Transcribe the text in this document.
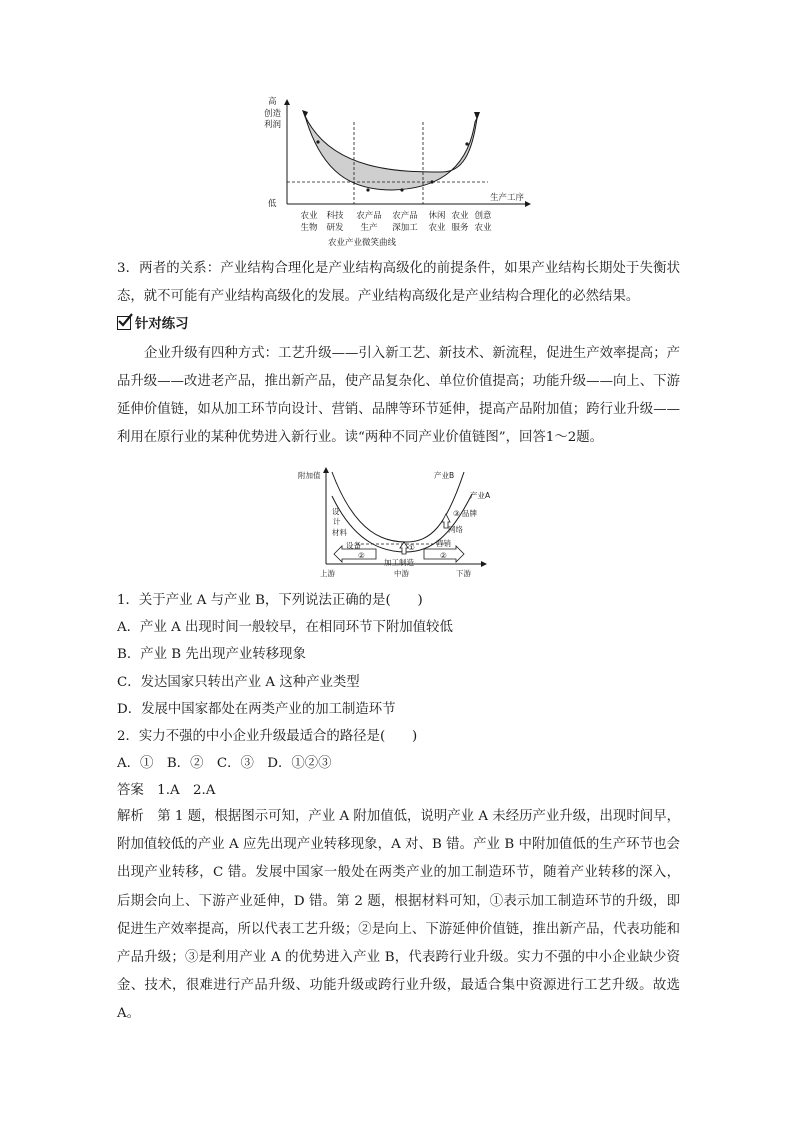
高
创造
利润
低
生产工序
农业
生物
科技
研发
农产品
生产
农产品
深加工
休闲
农业
农业
服务
创意
农业
农业产业微笑曲线
3．两者的关系：产业结构合理化是产业结构高级化的前提条件，如果产业结构长期处于失衡状态，就不可能有产业结构高级化的发展。产业结构高级化是产业结构合理化的必然结果。
针对练习
企业升级有四种方式：工艺升级——引入新工艺、新技术、新流程，促进生产效率提高；产品升级——改进老产品，推出新产品，使产品复杂化、单位价值提高；功能升级——向上、下游延伸价值链，如从加工环节向设计、营销、品牌等环节延伸，提高产品附加值；跨行业升级——利用在原行业的某种优势进入新行业。读“两种不同产业价值链图”，回答1～2题。
附加值	产业B
产业A
设
计
材料
设备
品牌
网络
营销
加工制造
①
②	②
③
上游	中游	下游
1．关于产业 A 与产业 B，下列说法正确的是(　　)
A．产业 A 出现时间一般较早，在相同环节下附加值较低
B．产业 B 先出现产业转移现象
C．发达国家只转出产业 A 这种产业类型
D．发展中国家都处在两类产业的加工制造环节
2．实力不强的中小企业升级最适合的路径是(　　)
A．①　B．②　C．③　D．①②③
答案　1.A　2.A
解析　第 1 题，根据图示可知，产业 A 附加值低，说明产业 A 未经历产业升级，出现时间早，附加值较低的产业 A 应先出现产业转移现象，A 对、B 错。产业 B 中附加值低的生产环节也会出现产业转移，C 错。发展中国家一般处在两类产业的加工制造环节，随着产业转移的深入，后期会向上、下游产业延伸，D 错。第 2 题，根据材料可知，①表示加工制造环节的升级，即促进生产效率提高，所以代表工艺升级；②是向上、下游延伸价值链，推出新产品，代表功能和产品升级；③是利用产业 A 的优势进入产业 B，代表跨行业升级。实力不强的中小企业缺少资金、技术，很难进行产品升级、功能升级或跨行业升级，最适合集中资源进行工艺升级。故选 A。
